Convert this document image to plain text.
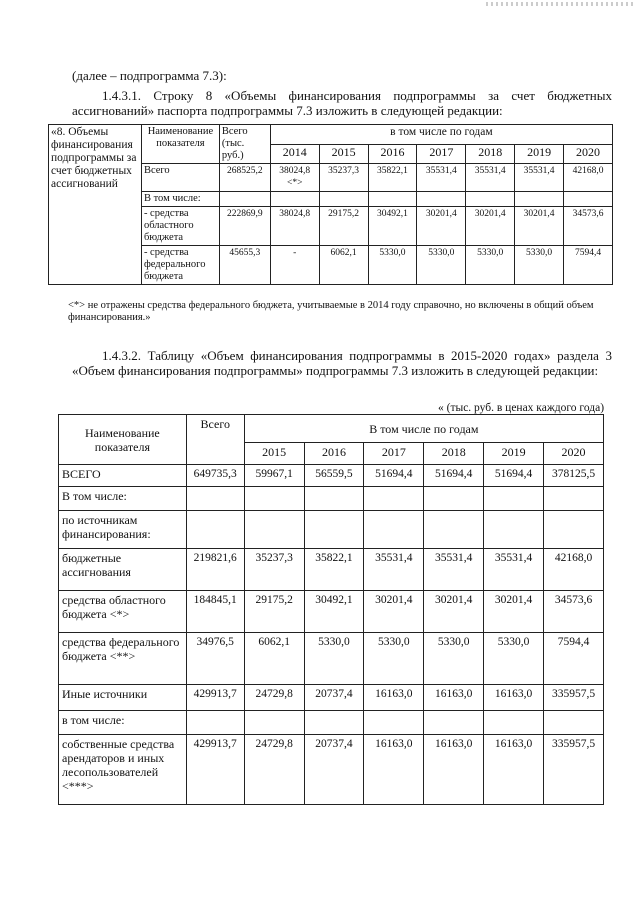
(далее – подпрограмма 7.3):

1.4.3.1. Строку 8 «Объемы финансирования подпрограммы за счет бюджетных ассигнований» паспорта подпрограммы 7.3 изложить в следующей редакции:

«8. Объемы финансирования подпрограммы за счет бюджетных ассигнований	Наименование показателя	Всего (тыс. руб.)	в том числе по годам						
			2014	2015	2016	2017	2018	2019	2020
	Всего	268525,2	38024,8 <*>	35237,3	35822,1	35531,4	35531,4	35531,4	42168,0
	В том числе:								
	- средства областного бюджета	222869,9	38024,8	29175,2	30492,1	30201,4	30201,4	30201,4	34573,6
	- средства федерального бюджета	45655,3	-	6062,1	5330,0	5330,0	5330,0	5330,0	7594,4

<*> не отражены средства федерального бюджета, учитываемые в 2014 году справочно, но включены в общий объем финансирования.»

1.4.3.2. Таблицу «Объем финансирования подпрограммы в 2015-2020 годах» раздела 3 «Объем финансирования подпрограммы» подпрограммы 7.3 изложить в следующей редакции:

« (тыс. руб. в ценах каждого года)

Наименование показателя	Всего	В том числе по годам					
		2015	2016	2017	2018	2019	2020
ВСЕГО	649735,3	59967,1	56559,5	51694,4	51694,4	51694,4	378125,5
В том числе:							
по источникам финансирования:							
бюджетные ассигнования	219821,6	35237,3	35822,1	35531,4	35531,4	35531,4	42168,0
средства областного бюджета <*>	184845,1	29175,2	30492,1	30201,4	30201,4	30201,4	34573,6
средства федерального бюджета <**>	34976,5	6062,1	5330,0	5330,0	5330,0	5330,0	7594,4
Иные источники	429913,7	24729,8	20737,4	16163,0	16163,0	16163,0	335957,5
в том числе:							
собственные средства арендаторов и иных лесопользователей <***>	429913,7	24729,8	20737,4	16163,0	16163,0	16163,0	335957,5
